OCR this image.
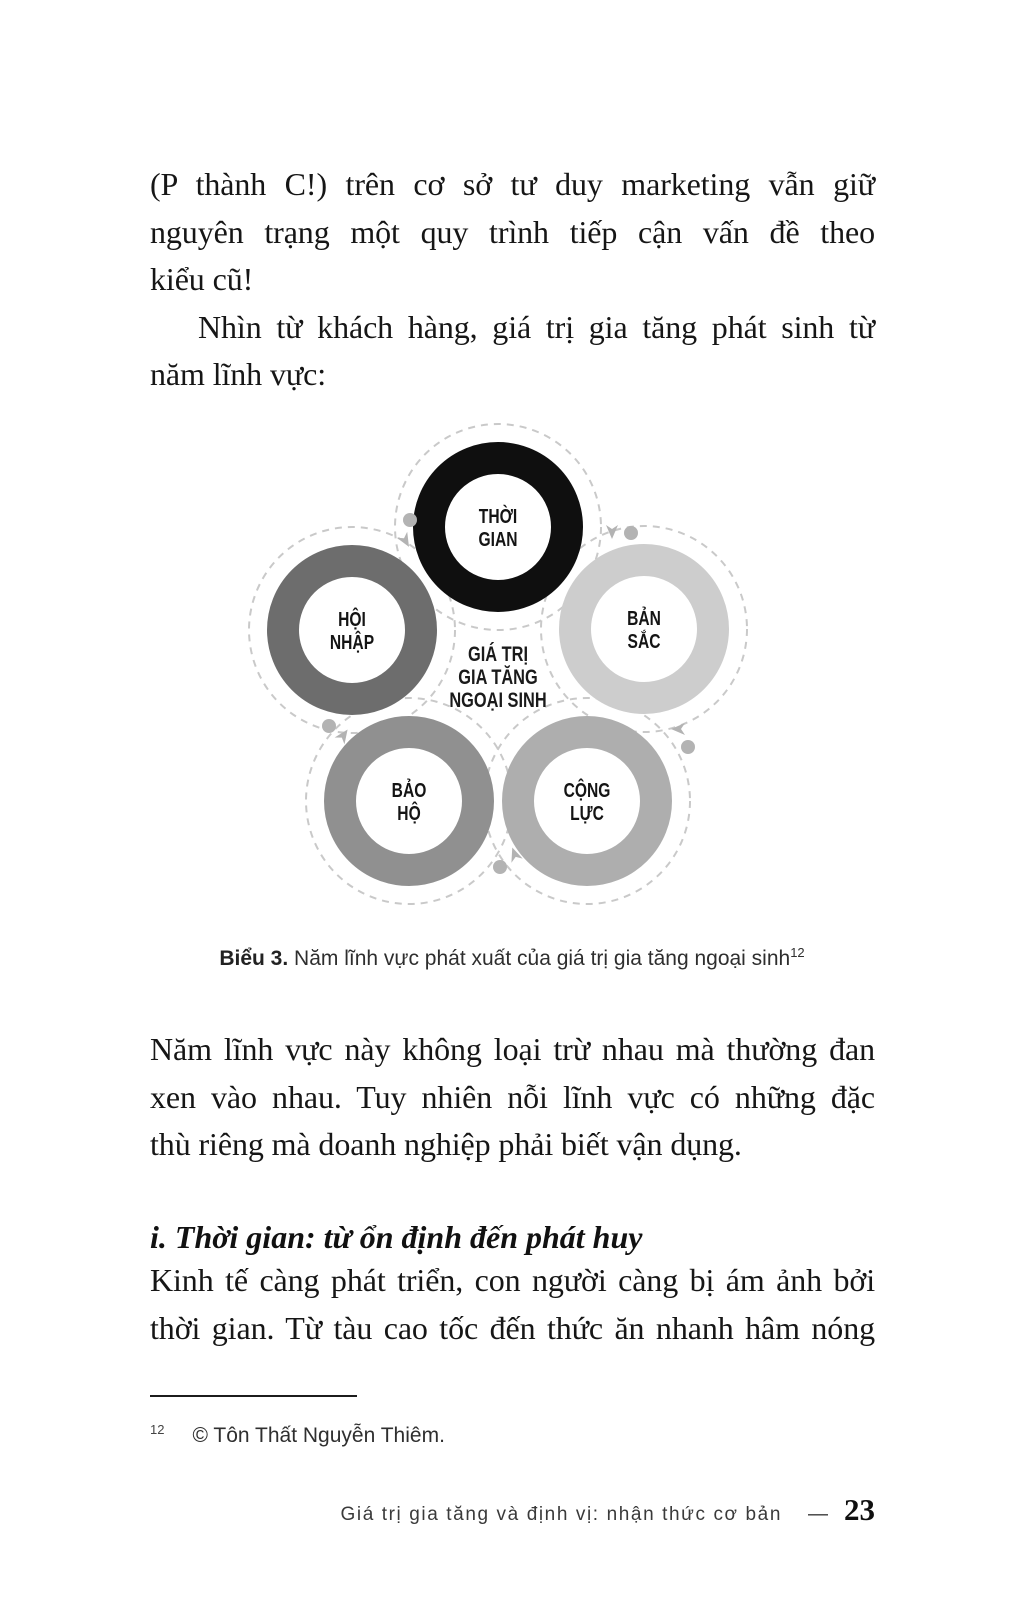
(P thành C!) trên cơ sở tư duy marketing vẫn giữ
nguyên trạng một quy trình tiếp cận vấn đề theo
kiểu cũ!
Nhìn từ khách hàng, giá trị gia tăng phát sinh từ
năm lĩnh vực:
THỜI GIAN
HỘI NHẬP
BẢN SẮC
BẢO HỘ
CỘNG LỰC
GIÁ TRỊ GIA TĂNG NGOẠI SINH
Biểu 3. Năm lĩnh vực phát xuất của giá trị gia tăng ngoại $\sinh^{12}$
Năm lĩnh vực này không loại trừ nhau mà thường đan
xen vào nhau. Tuy nhiên nỗi lĩnh vực có những đặc
thù riêng mà doanh nghiệp phải biết vận dụng.
i. Thời gian: từ ổn định đến phát huy
Kinh tế càng phát triển, con người càng bị ám ảnh bởi
thời gian. Từ tàu cao tốc đến thức ăn nhanh hâm nóng
$^{12}$ © Tôn Thất Nguyễn Thiêm.
Giá trị gia tăng và định vị: nhận thức cơ bản — 23
